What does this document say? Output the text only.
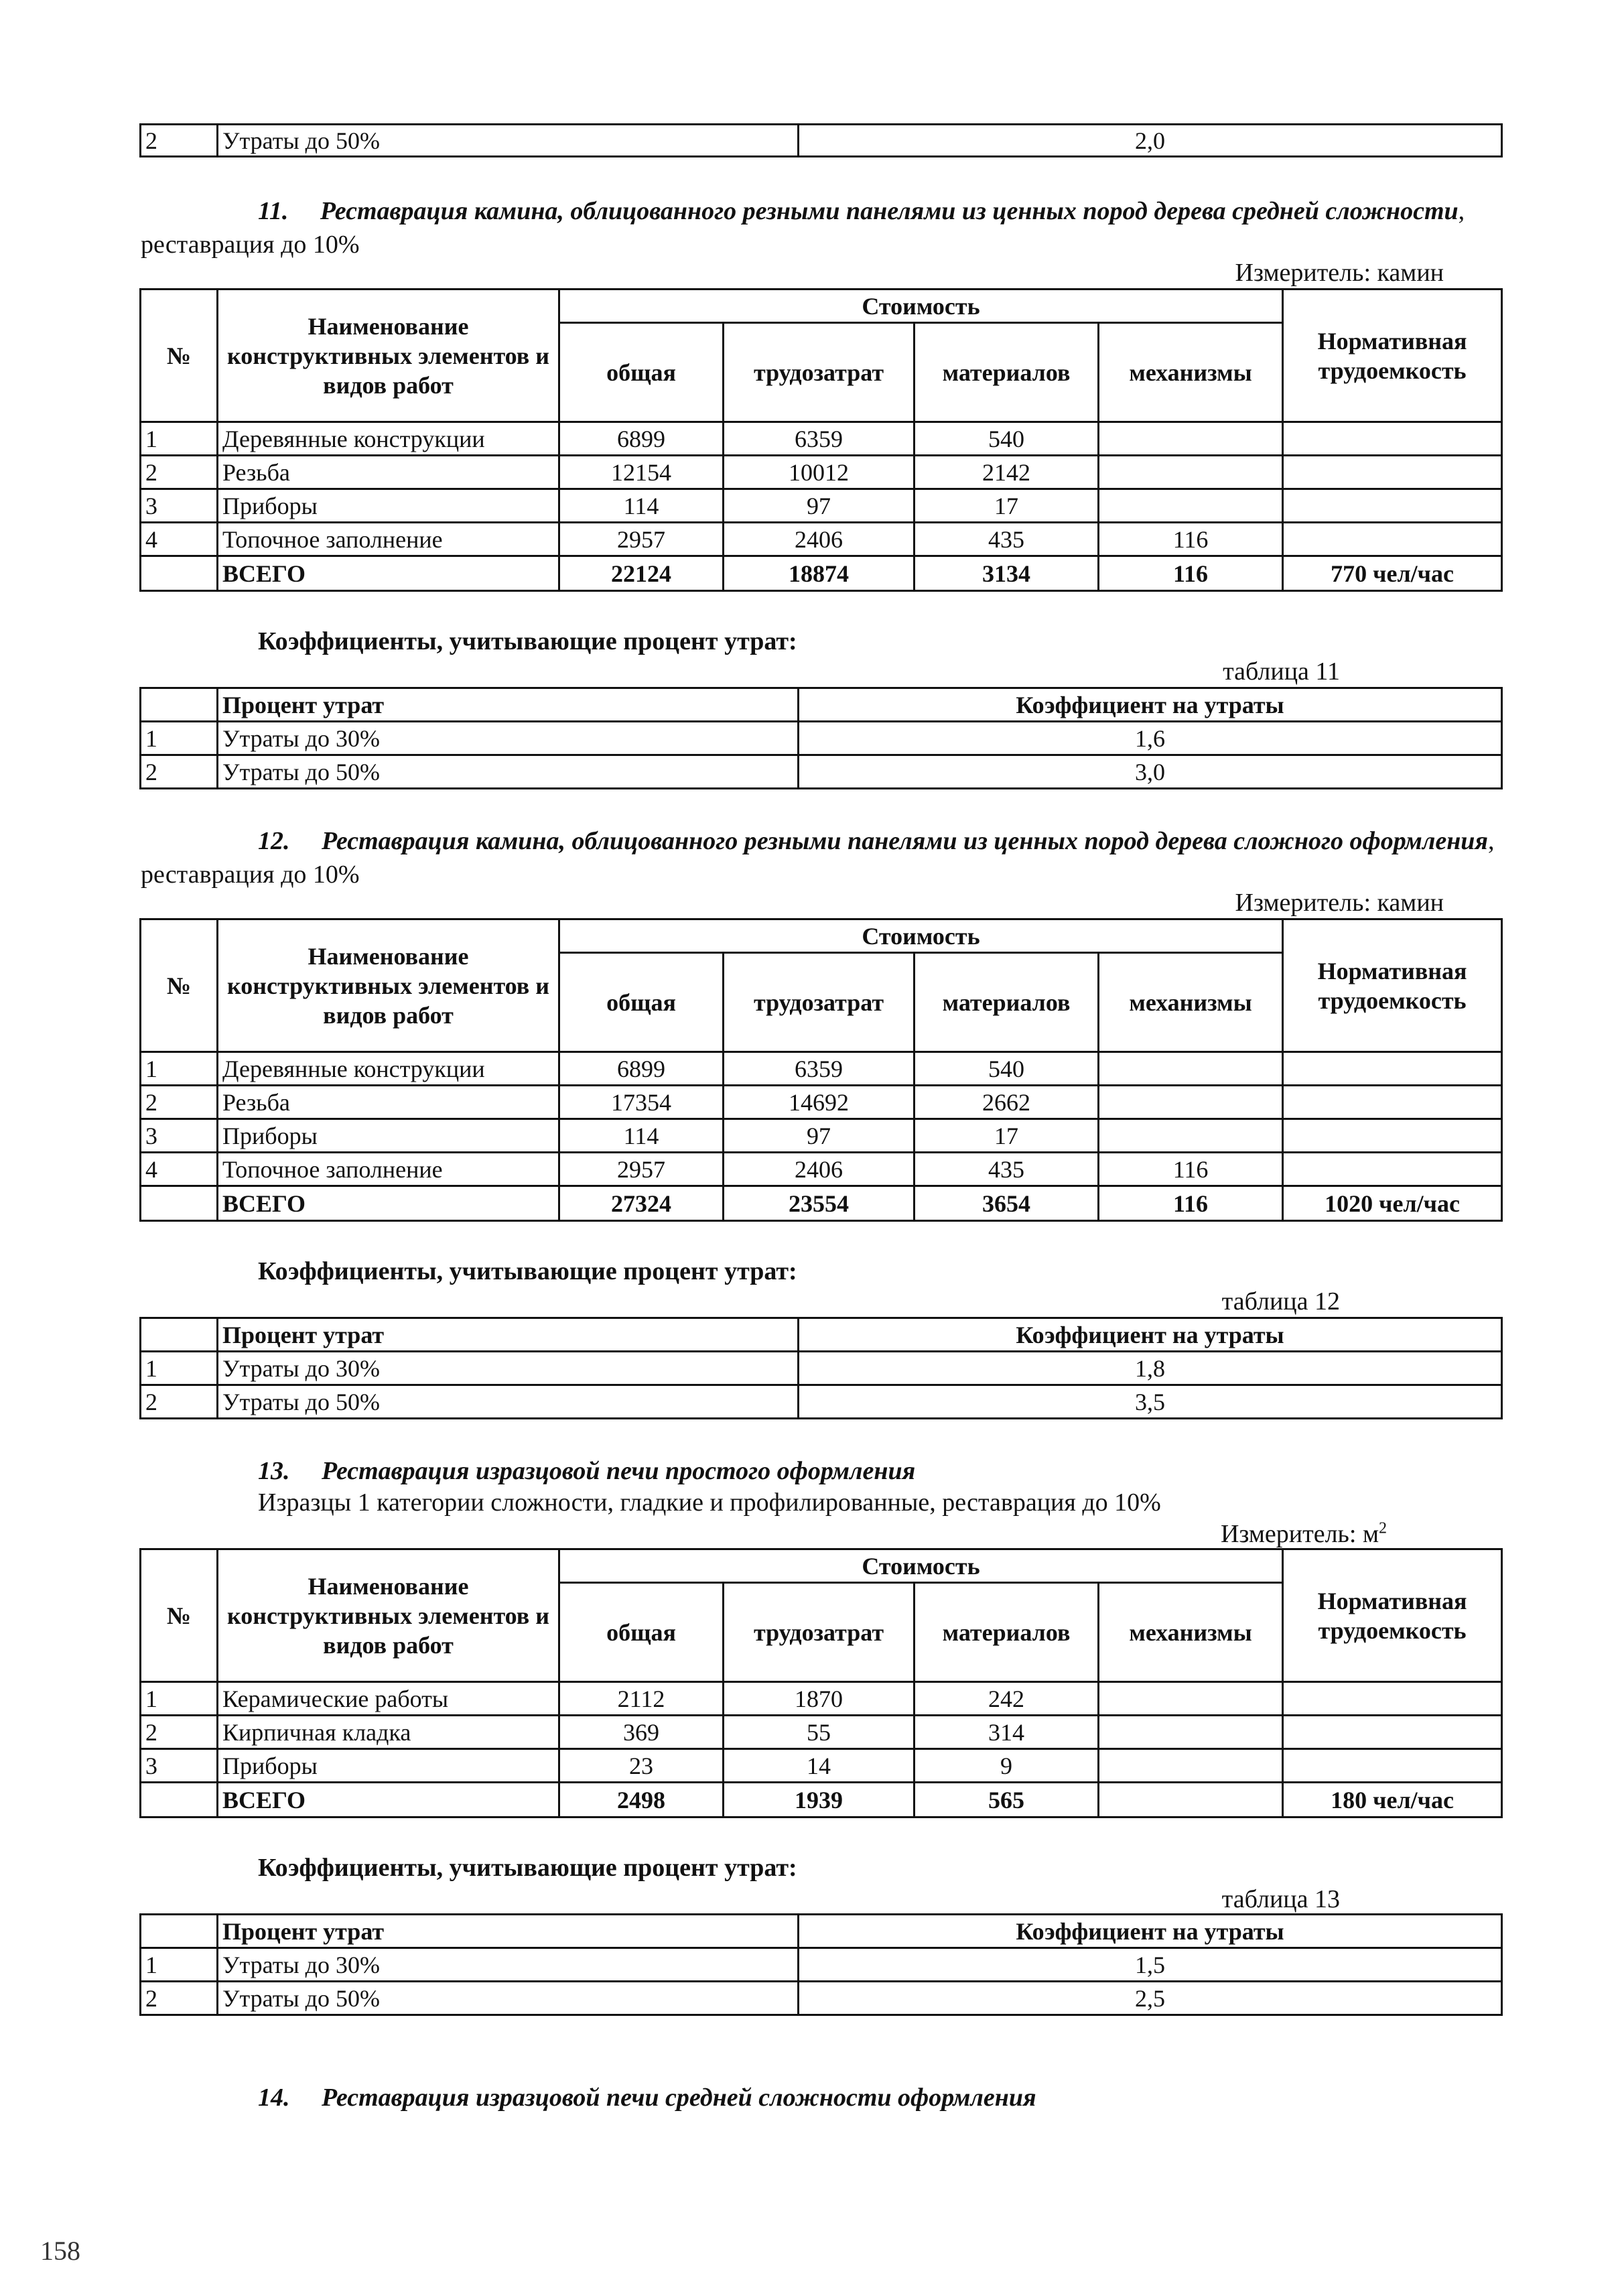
2	Утраты до 50%	2,0
11. Реставрация камина, облицованного резными панелями из ценных пород дерева средней сложности, реставрация до 10%
Измеритель: камин
№	Наименование конструктивных элементов и видов работ	Стоимость				Нормативная трудоемкость
		общая	трудозатрат	материалов	механизмы	
1	Деревянные конструкции	6899	6359	540		
2	Резьба	12154	10012	2142		
3	Приборы	114	97	17		
4	Топочное заполнение	2957	2406	435	116	
	ВСЕГО	22124	18874	3134	116	770 чел/час
Коэффициенты, учитывающие процент утрат:
таблица 11
	Процент утрат	Коэффициент на утраты
1	Утраты до 30%	1,6
2	Утраты до 50%	3,0
12. Реставрация камина, облицованного резными панелями из ценных пород дерева сложного оформления, реставрация до 10%
Измеритель: камин
№	Наименование конструктивных элементов и видов работ	Стоимость				Нормативная трудоемкость
		общая	трудозатрат	материалов	механизмы	
1	Деревянные конструкции	6899	6359	540		
2	Резьба	17354	14692	2662		
3	Приборы	114	97	17		
4	Топочное заполнение	2957	2406	435	116	
	ВСЕГО	27324	23554	3654	116	1020 чел/час
Коэффициенты, учитывающие процент утрат:
таблица 12
	Процент утрат	Коэффициент на утраты
1	Утраты до 30%	1,8
2	Утраты до 50%	3,5
13. Реставрация изразцовой печи простого оформления
Изразцы 1 категории сложности, гладкие и профилированные, реставрация до 10%
Измеритель: $м^2$
№	Наименование конструктивных элементов и видов работ	Стоимость				Нормативная трудоемкость
		общая	трудозатрат	материалов	механизмы	
1	Керамические работы	2112	1870	242		
2	Кирпичная кладка	369	55	314		
3	Приборы	23	14	9		
	ВСЕГО	2498	1939	565		180 чел/час
Коэффициенты, учитывающие процент утрат:
таблица 13
	Процент утрат	Коэффициент на утраты
1	Утраты до 30%	1,5
2	Утраты до 50%	2,5
14. Реставрация изразцовой печи средней сложности оформления
158
